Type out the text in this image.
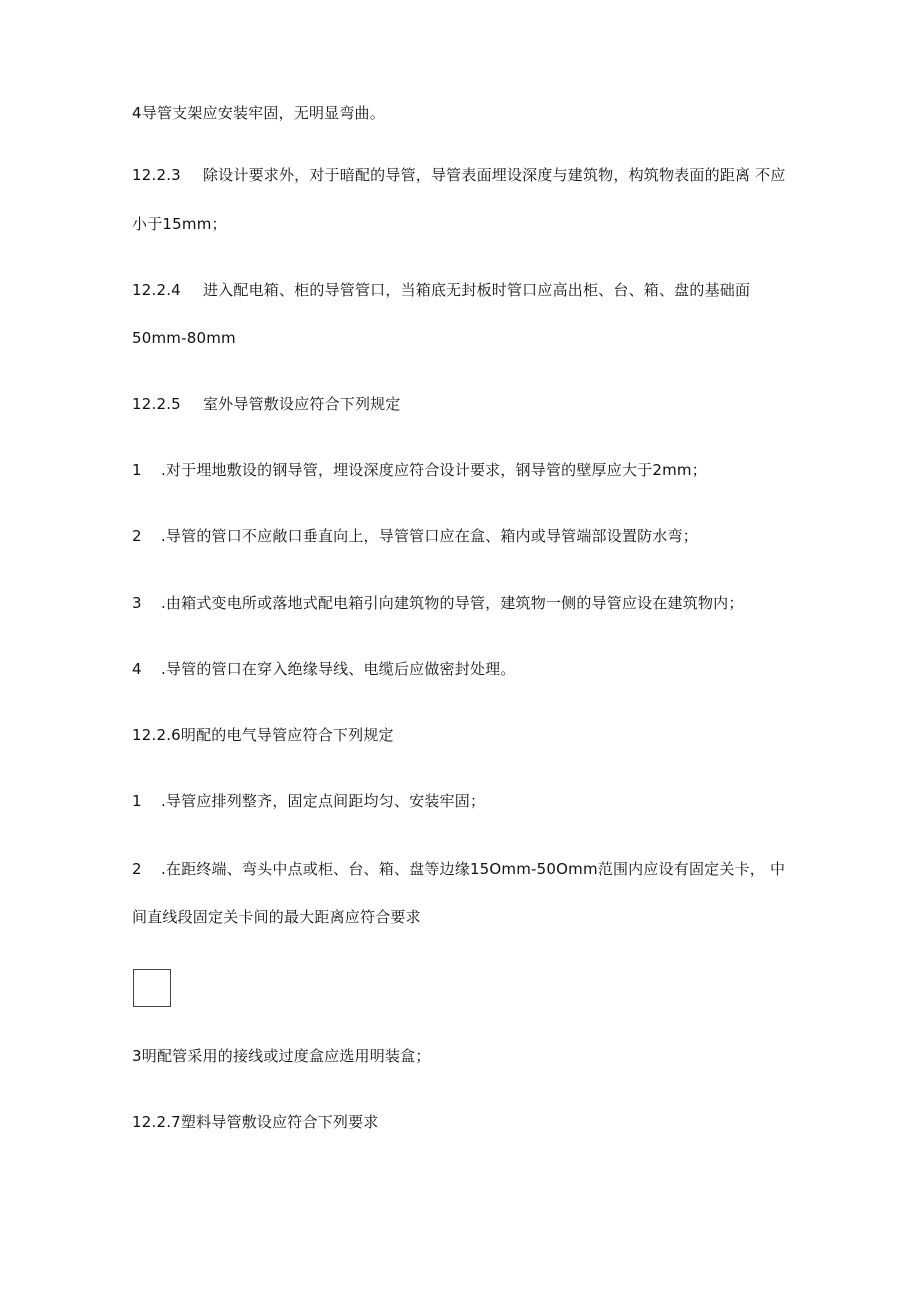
4导管支架应安装牢固，无明显弯曲。
12.2.3 除设计要求外，对于暗配的导管，导管表面埋设深度与建筑物，构筑物表面的距离 不应
小于15mm；
12.2.4 进入配电箱、柜的导管管口，当箱底无封板时管口应高出柜、台、箱、盘的基础面
50mm-80mm
12.2.5 室外导管敷设应符合下列规定
1 .对于埋地敷设的钢导管，埋设深度应符合设计要求，钢导管的壁厚应大于2mm；
2 .导管的管口不应敞口垂直向上，导管管口应在盒、箱内或导管端部设置防水弯；
3 .由箱式变电所或落地式配电箱引向建筑物的导管，建筑物一侧的导管应设在建筑物内；
4 .导管的管口在穿入绝缘导线、电缆后应做密封处理。
12.2.6明配的电气导管应符合下列规定
1 .导管应排列整齐，固定点间距均匀、安装牢固；
2 .在距终端、弯头中点或柜、台、箱、盘等边缘15Omm-50Omm范围内应设有固定关卡， 中
间直线段固定关卡间的最大距离应符合要求
3明配管采用的接线或过度盒应选用明装盒；
12.2.7塑料导管敷设应符合下列要求
